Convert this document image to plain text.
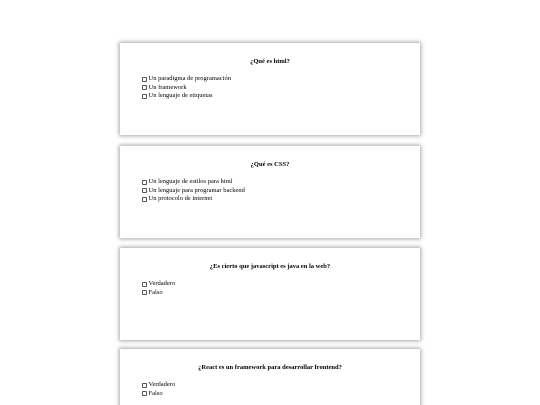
¿Qué es html?

Un paradigma de programación
Un framework
Un lenguaje de etiquetas

¿Qué es CSS?

Un lenguaje de estilos para html
Un lenguaje para programar backend
Un protocolo de internet

¿Es cierto que javascript es java en la web?

Verdadero
Falso

¿React es un framework para desarrollar frontend?

Verdadero
Falso
